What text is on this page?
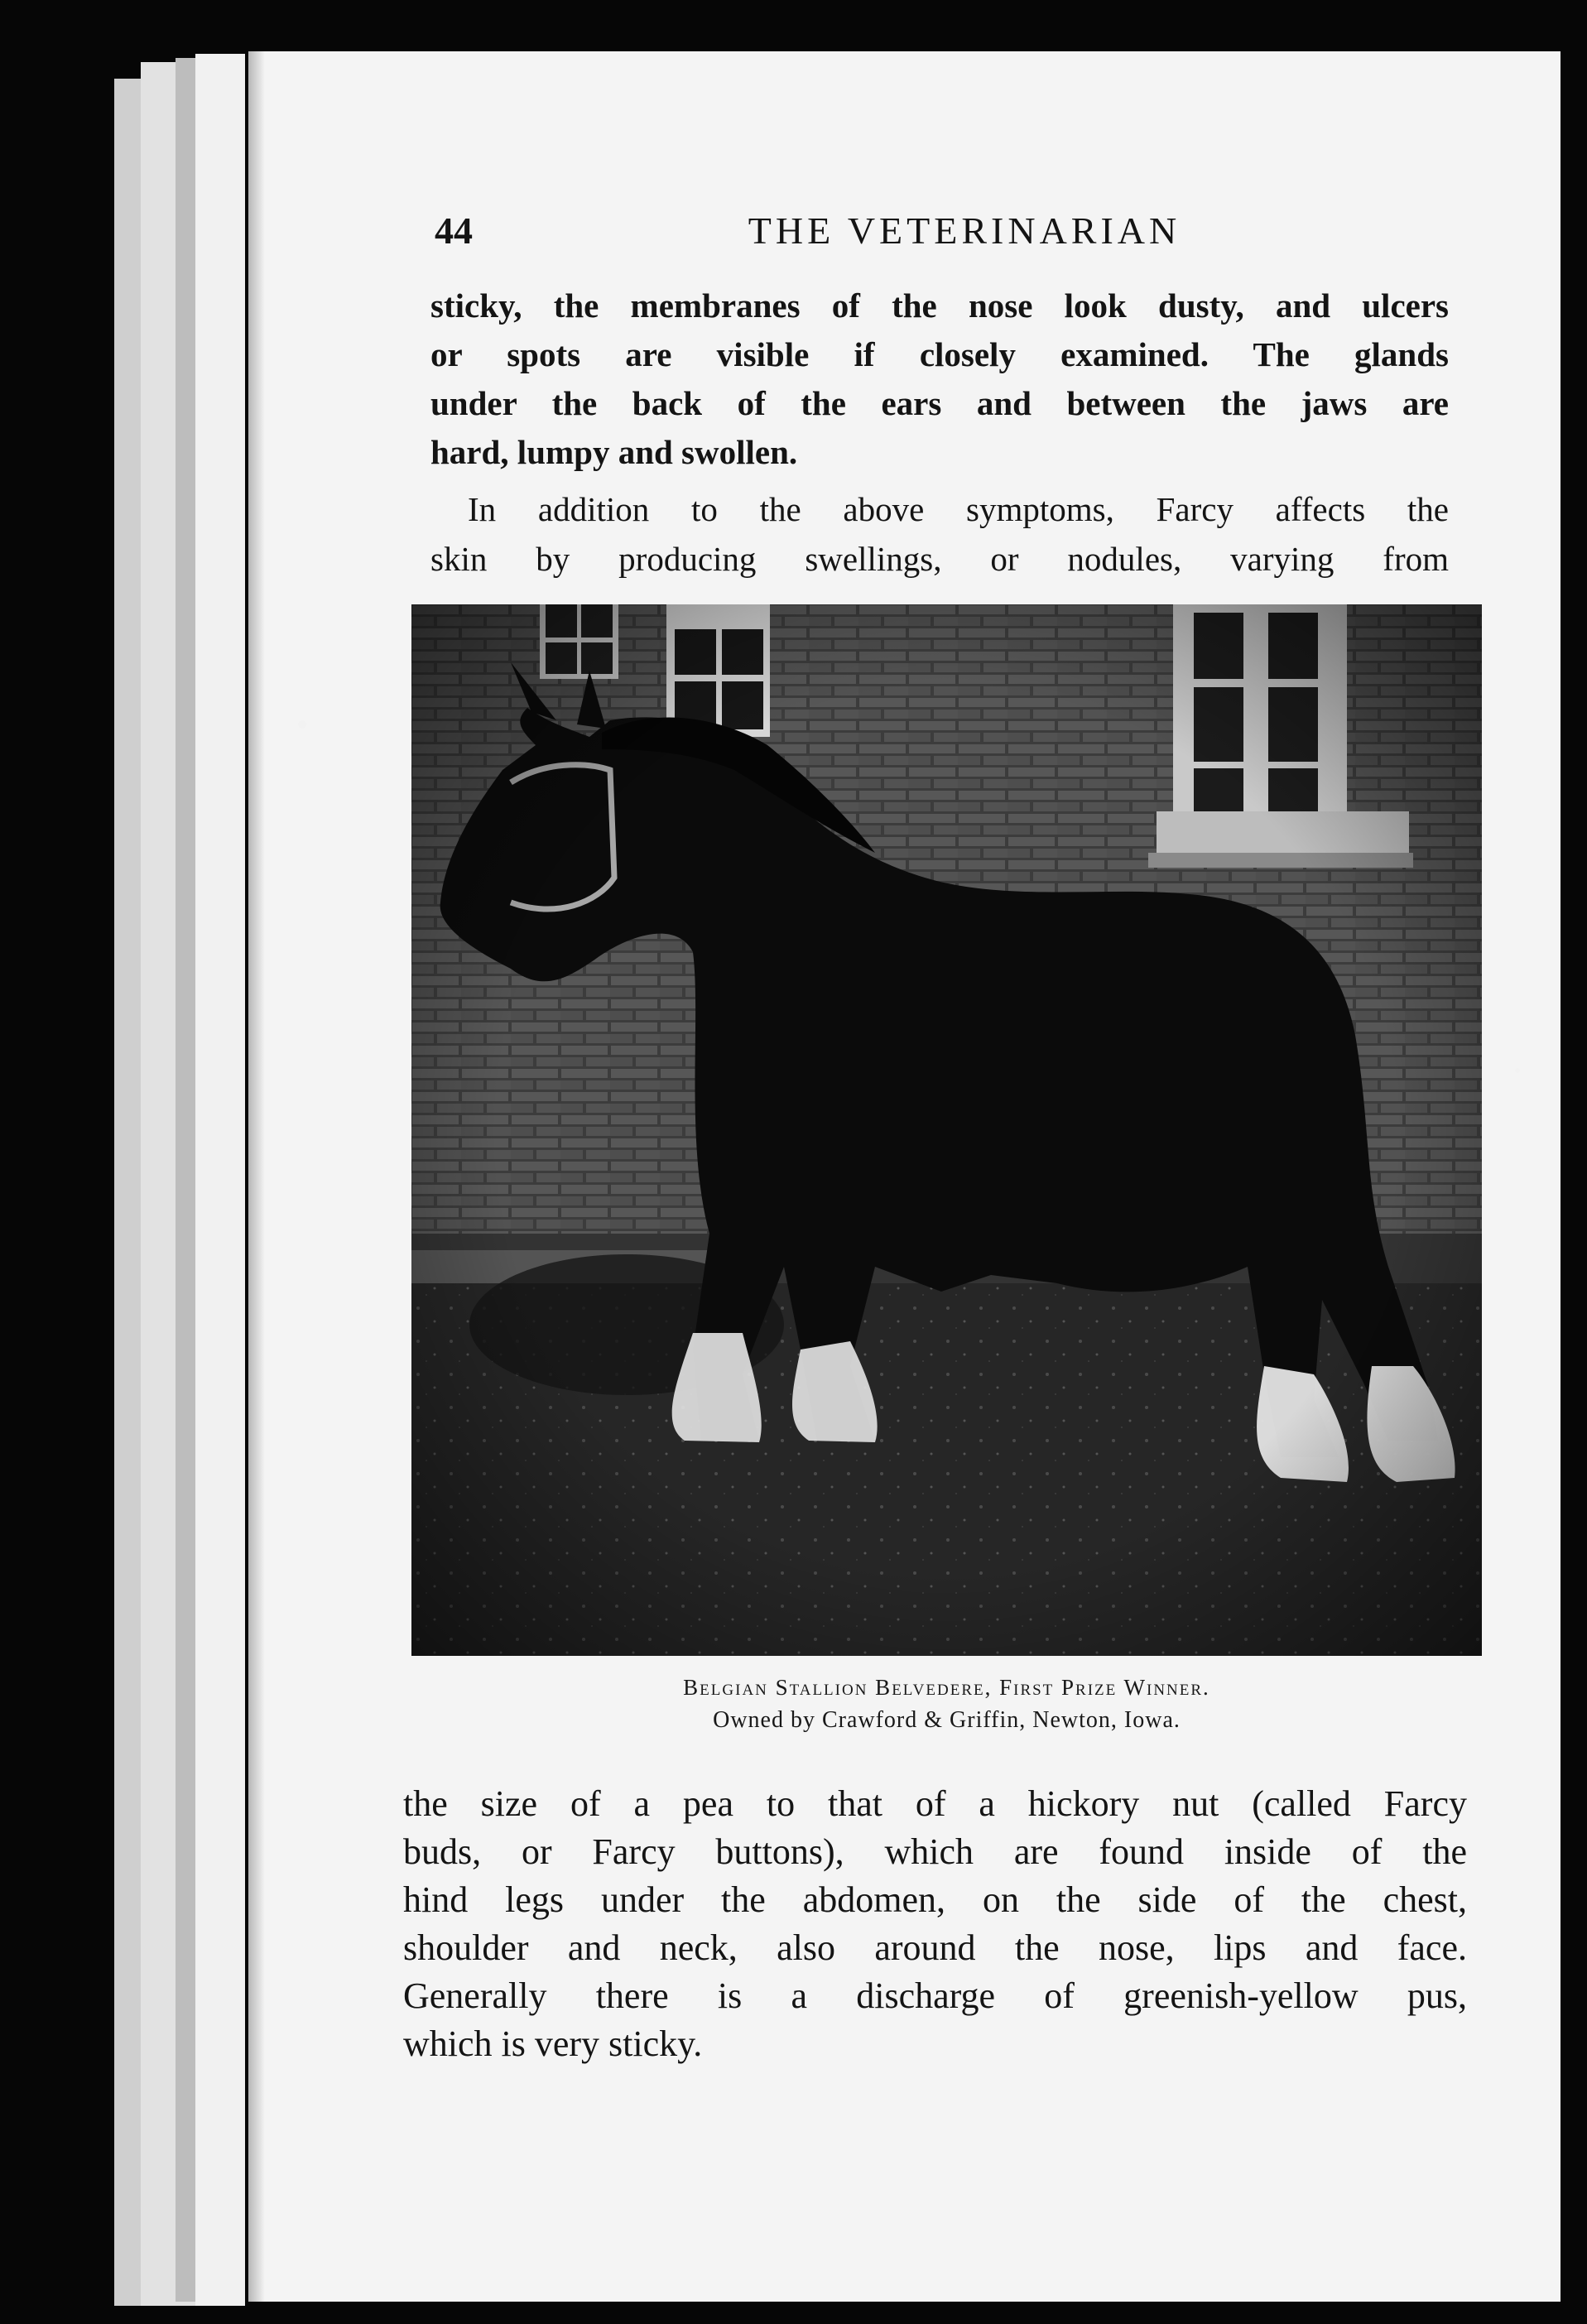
44	THE VETERINARIAN

sticky, the membranes of the nose look dusty, and ulcers
or spots are visible if closely examined. The glands
under the back of the ears and between the jaws are
hard, lumpy and swollen.

In addition to the above symptoms, Farcy affects the
skin by producing swellings, or nodules, varying from

Belgian Stallion Belvedere, First Prize Winner.
Owned by Crawford & Griffin, Newton, Iowa.

the size of a pea to that of a hickory nut (called Farcy
buds, or Farcy buttons), which are found inside of the
hind legs under the abdomen, on the side of the chest,
shoulder and neck, also around the nose, lips and face.
Generally there is a discharge of greenish-yellow pus,
which is very sticky.
